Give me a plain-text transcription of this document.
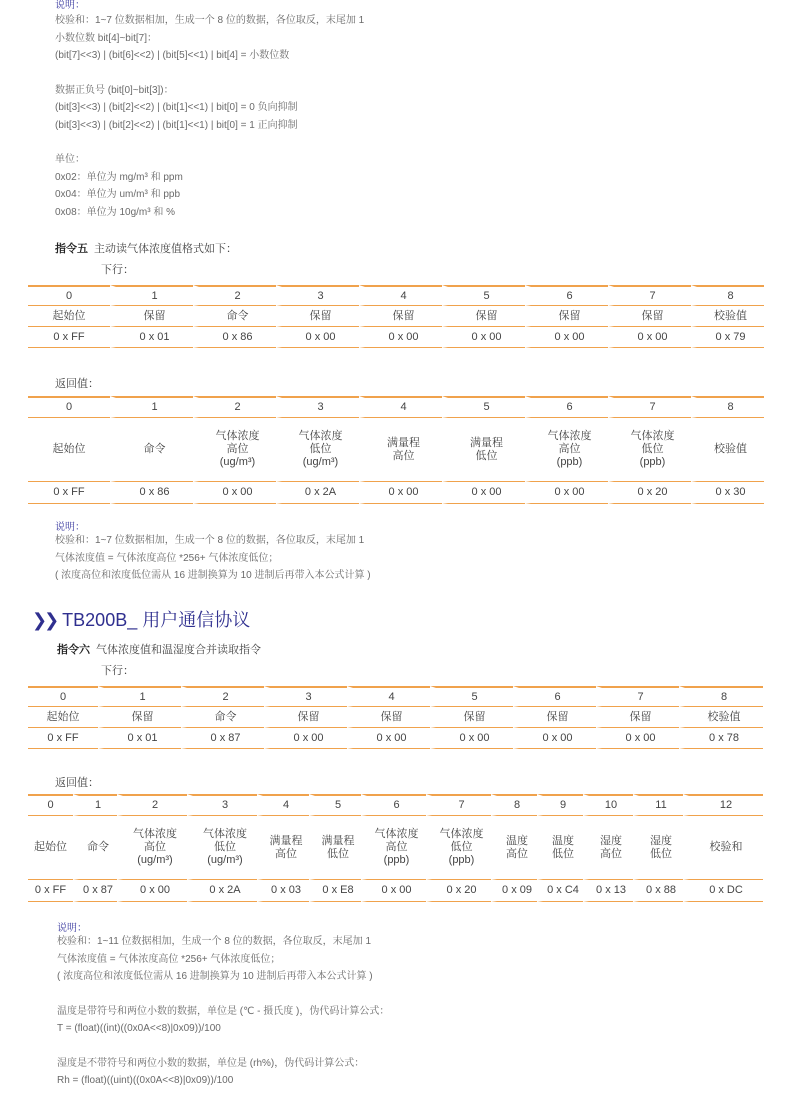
说明：
校验和：1~7 位数据相加，生成一个 8 位的数据，各位取反，末尾加 1
小数位数 bit[4]~bit[7]：
(bit[7]<<3) | (bit[6]<<2) | (bit[5]<<1) | bit[4] = 小数位数
数据正负号 (bit[0]~bit[3])：
(bit[3]<<3) | (bit[2]<<2) | (bit[1]<<1) | bit[0] = 0 负向抑制
(bit[3]<<3) | (bit[2]<<2) | (bit[1]<<1) | bit[0] = 1 正向抑制
单位：
0x02：单位为 mg/m³ 和 ppm
0x04：单位为 um/m³ 和 ppb
0x08：单位为 10g/m³ 和 %
指令五 主动读气体浓度值格式如下：
下行：
0	1	2	3	4	5	6	7	8
起始位	保留	命令	保留	保留	保留	保留	保留	校验值
0 x FF	0 x 01	0 x 86	0 x 00	0 x 00	0 x 00	0 x 00	0 x 00	0 x 79
返回值：
0	1	2	3	4	5	6	7	8
起始位	命令	气体浓度
高位
(ug/m³)	气体浓度
低位
(ug/m³)	满量程
高位	满量程
低位	气体浓度
高位
(ppb)	气体浓度
低位
(ppb)	校验值
0 x FF	0 x 86	0 x 00	0 x 2A	0 x 00	0 x 00	0 x 00	0 x 20	0 x 30
说明：
校验和：1~7 位数据相加，生成一个 8 位的数据，各位取反，末尾加 1
气体浓度值 = 气体浓度高位 *256+ 气体浓度低位；
( 浓度高位和浓度低位需从 16 进制换算为 10 进制后再带入本公式计算 )
❯❯ TB200B_ 用户通信协议
指令六 气体浓度值和温湿度合并读取指令
下行：
0	1	2	3	4	5	6	7	8
起始位	保留	命令	保留	保留	保留	保留	保留	校验值
0 x FF	0 x 01	0 x 87	0 x 00	0 x 00	0 x 00	0 x 00	0 x 00	0 x 78
返回值：
0	1	2	3	4	5	6	7	8	9	10	11	12
起始位	命令	气体浓度
高位
(ug/m³)	气体浓度
低位
(ug/m³)	满量程
高位	满量程
低位	气体浓度
高位
(ppb)	气体浓度
低位
(ppb)	温度
高位	温度
低位	湿度
高位	湿度
低位	校验和
0 x FF	0 x 87	0 x 00	0 x 2A	0 x 03	0 x E8	0 x 00	0 x 20	0 x 09	0 x C4	0 x 13	0 x 88	0 x DC
说明：
校验和：1~11 位数据相加，生成一个 8 位的数据，各位取反，末尾加 1
气体浓度值 = 气体浓度高位 *256+ 气体浓度低位；
( 浓度高位和浓度低位需从 16 进制换算为 10 进制后再带入本公式计算 )
温度是带符号和两位小数的数据，单位是 (℃ - 摄氏度 )，伪代码计算公式：
T = (float)((int)((0x0A<<8)|0x09))/100
湿度是不带符号和两位小数的数据，单位是 (rh%)，伪代码计算公式：
Rh = (float)((uint)((0x0A<<8)|0x09))/100
